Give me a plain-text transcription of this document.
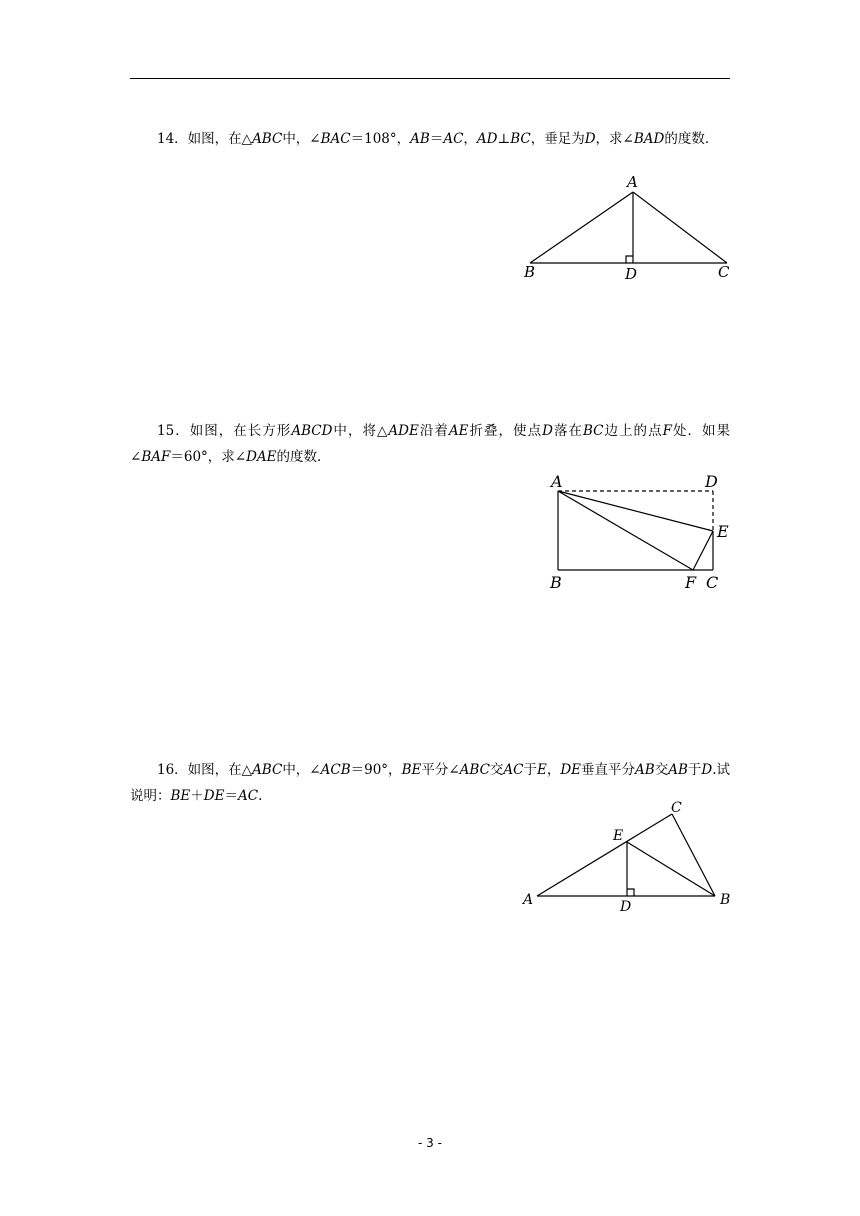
14．如图，在△ABC中，∠BAC＝108°，AB＝AC，AD⊥BC，垂足为D，求∠BAD的度数．
A
B	D	C
15．如图，在长方形ABCD中，将△ADE沿着AE折叠，使点D落在BC边上的点F处．如果∠BAF＝60°，求∠DAE的度数．
A	D
E
B	F C
16．如图，在△ABC中，∠ACB＝90°，BE平分∠ABC交AC于E，DE垂直平分AB交AB于D.试说明：BE＋DE＝AC.
C
E
A	D	B
- 3 -
